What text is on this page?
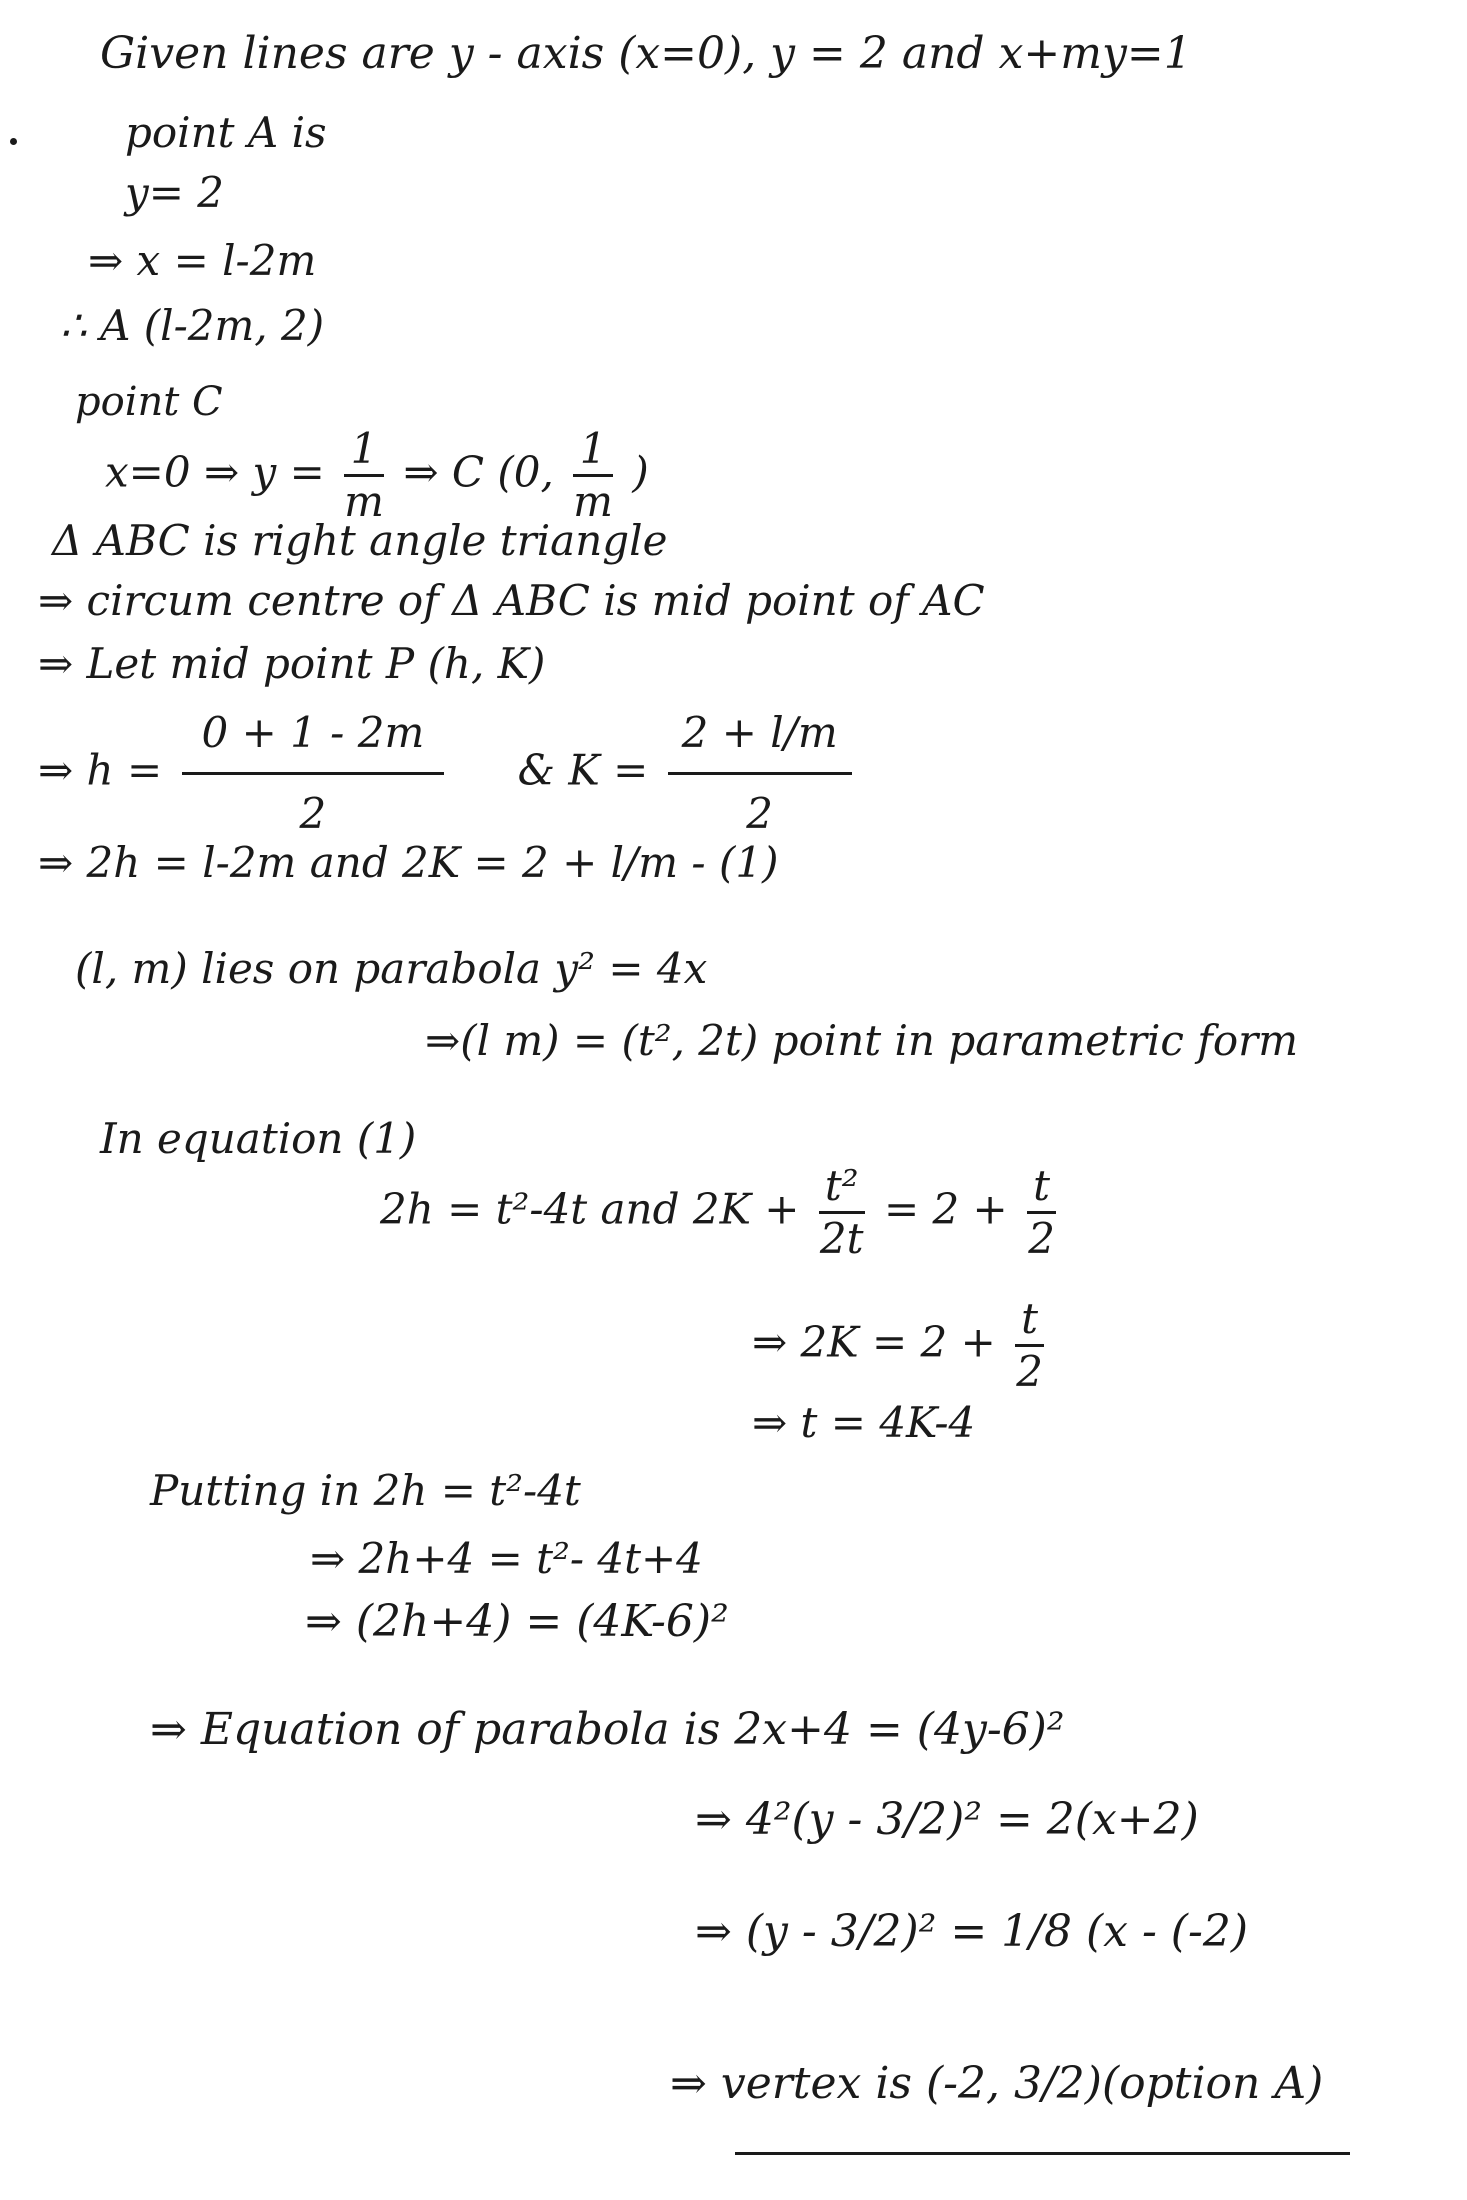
Given lines are y - axis (x=0), y = 2 and x+my=1
point A is
y= 2
⇒ x = l-2m
∴ A (l-2m, 2)
point C
x=0 ⇒ $y = \frac{1}{m}$ ⇒ C (0, $\frac{1}{m}$ )
Δ ABC is right angle triangle
⇒ circum centre of Δ ABC is mid point of AC
⇒ Let mid point P (h, K)
⇒ $h = \frac{0 + 1 - 2m}{2}$ & $K = \frac{2 + l/m}{2}$
⇒ 2h = l-2m and 2K = 2 + l/m - (1)
(l, m) lies on parabola y² = 4x
⇒(l m) = (t², 2t) point in parametric form
In equation (1)
2h = t²-4t and $2K + \frac{\text{t²}}{2t} = 2 + \frac{t}{2}$
⇒ $2K = 2 + \frac{t}{2}$
⇒ t = 4K-4
Putting in 2h = t²-4t
⇒ 2h+4 = t²- 4t+4
⇒ (2h+4) = (4K-6)²
⇒ Equation of parabola is 2x+4 = (4y-6)²
⇒ 4²(y - 3/2)² = 2(x+2)
⇒ (y - 3/2)² = 1/8 (x - (-2)
⇒ vertex is (-2, 3/2)(option A)
